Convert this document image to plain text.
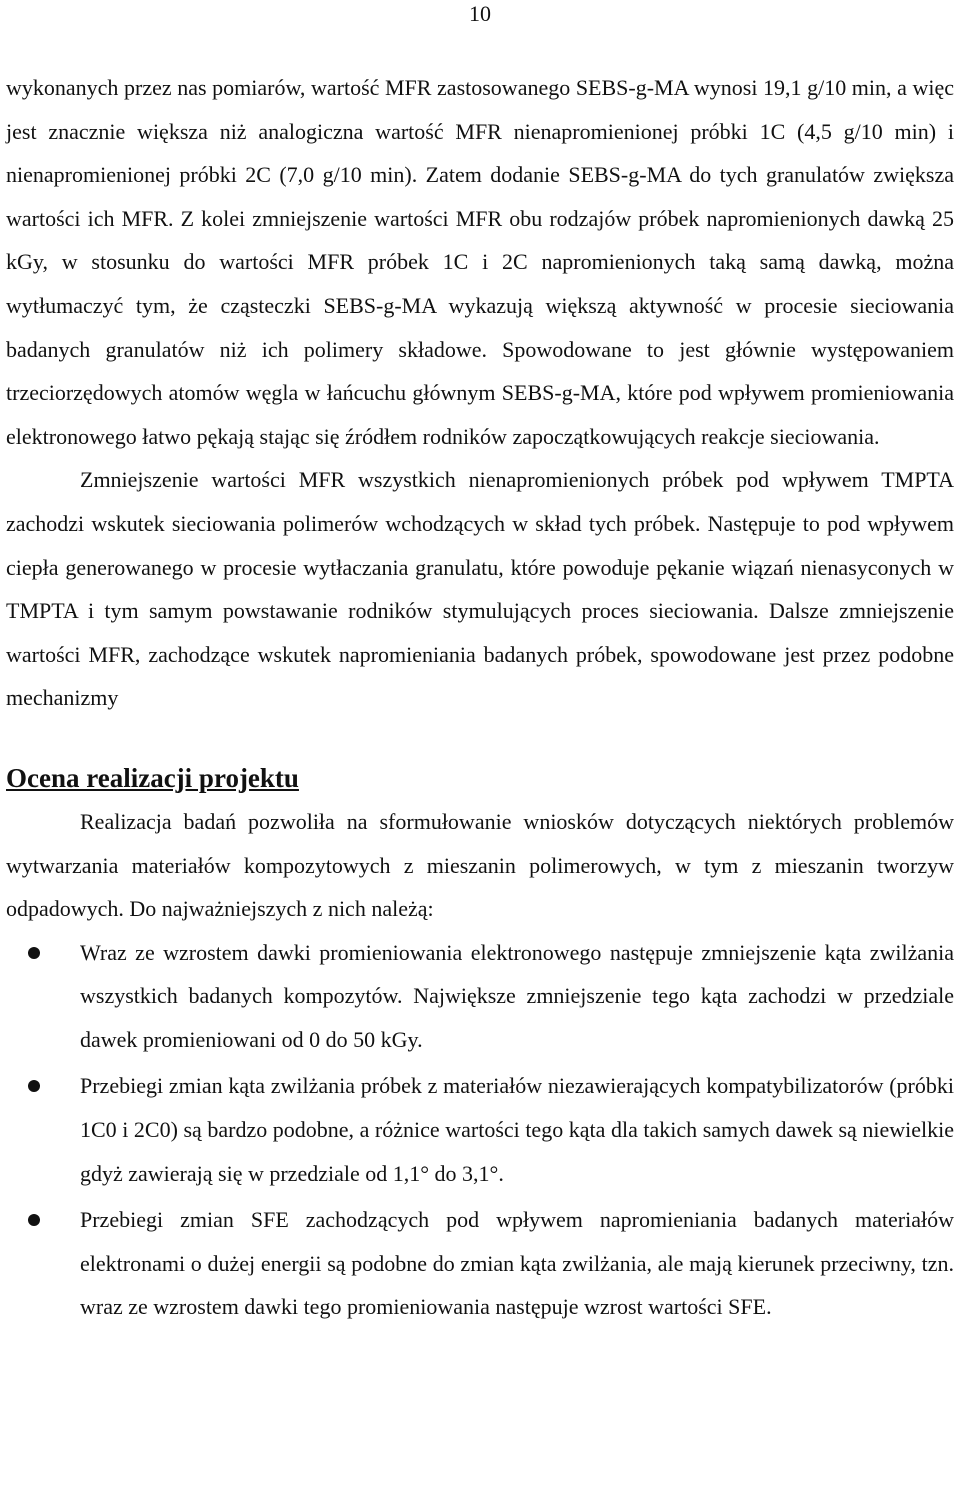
10

wykonanych przez nas pomiarów, wartość MFR zastosowanego SEBS-g-MA wynosi 19,1 g/10 min, a więc jest znacznie większa niż analogiczna wartość MFR nienapromienionej próbki 1C (4,5 g/10 min) i nienapromienionej próbki 2C (7,0 g/10 min). Zatem dodanie SEBS-g-MA do tych granulatów zwiększa wartości ich MFR. Z kolei zmniejszenie wartości MFR obu rodzajów próbek napromienionych dawką 25 kGy, w stosunku do wartości MFR próbek 1C i 2C napromienionych taką samą dawką, można wytłumaczyć tym, że cząsteczki SEBS-g-MA wykazują większą aktywność w procesie sieciowania badanych granulatów niż ich polimery składowe. Spowodowane to jest głównie występowaniem trzeciorzędowych atomów węgla w łańcuchu głównym SEBS-g-MA, które pod wpływem promieniowania elektronowego łatwo pękają stając się źródłem rodników zapoczątkowujących reakcje sieciowania.

Zmniejszenie wartości MFR wszystkich nienapromienionych próbek pod wpływem TMPTA zachodzi wskutek sieciowania polimerów wchodzących w skład tych próbek. Następuje to pod wpływem ciepła generowanego w procesie wytłaczania granulatu, które powoduje pękanie wiązań nienasyconych w TMPTA i tym samym powstawanie rodników stymulujących proces sieciowania. Dalsze zmniejszenie wartości MFR, zachodzące wskutek napromieniania badanych próbek, spowodowane jest przez podobne mechanizmy

Ocena realizacji projektu

Realizacja badań pozwoliła na sformułowanie wniosków dotyczących niektórych problemów wytwarzania materiałów kompozytowych z mieszanin polimerowych, w tym z mieszanin tworzyw odpadowych. Do najważniejszych z nich należą:

Wraz ze wzrostem dawki promieniowania elektronowego następuje zmniejszenie kąta zwilżania wszystkich badanych kompozytów. Największe zmniejszenie tego kąta zachodzi w przedziale dawek promieniowani od 0 do 50 kGy.
Przebiegi zmian kąta zwilżania próbek z materiałów niezawierających kompatybilizatorów (próbki 1C0 i 2C0) są bardzo podobne, a różnice wartości tego kąta dla takich samych dawek są niewielkie gdyż zawierają się w przedziale od 1,1° do 3,1°.
Przebiegi zmian SFE zachodzących pod wpływem napromieniania badanych materiałów elektronami o dużej energii są podobne do zmian kąta zwilżania, ale mają kierunek przeciwny, tzn. wraz ze wzrostem dawki tego promieniowania następuje wzrost wartości SFE.
